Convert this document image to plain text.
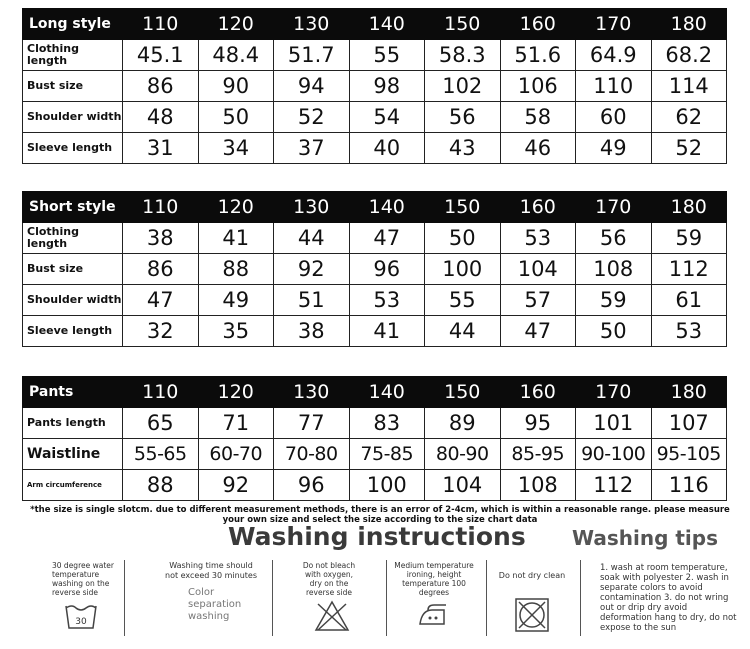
Long style	110	120	130	140	150	160	170	180
Clothing length	45.1	48.4	51.7	55	58.3	51.6	64.9	68.2
Bust size	86	90	94	98	102	106	110	114
Shoulder width	48	50	52	54	56	58	60	62
Sleeve length	31	34	37	40	43	46	49	52
Short style	110	120	130	140	150	160	170	180
Clothing length	38	41	44	47	50	53	56	59
Bust size	86	88	92	96	100	104	108	112
Shoulder width	47	49	51	53	55	57	59	61
Sleeve length	32	35	38	41	44	47	50	53
Pants	110	120	130	140	150	160	170	180
Pants length	65	71	77	83	89	95	101	107
Waistline	55-65	60-70	70-80	75-85	80-90	85-95	90-100	95-105
Arm circumference	88	92	96	100	104	108	112	116
*the size is single slotcm. due to different measurement methods, there is an error of 2-4cm, which is within a reasonable range. please measure your own size and select the size according to the size chart data
Washing instructions Washing tips
30 degree water temperature washing on the reverse side
30
Washing time should not exceed 30 minutes
Color separation washing
Do not bleach with oxygen, dry on the reverse side
Medium temperature ironing, height temperature 100 degrees
Do not dry clean
1. wash at room temperature, soak with polyester 2. wash in separate colors to avoid contamination 3. do not wring out or drip dry avoid deformation hang to dry, do not expose to the sun
